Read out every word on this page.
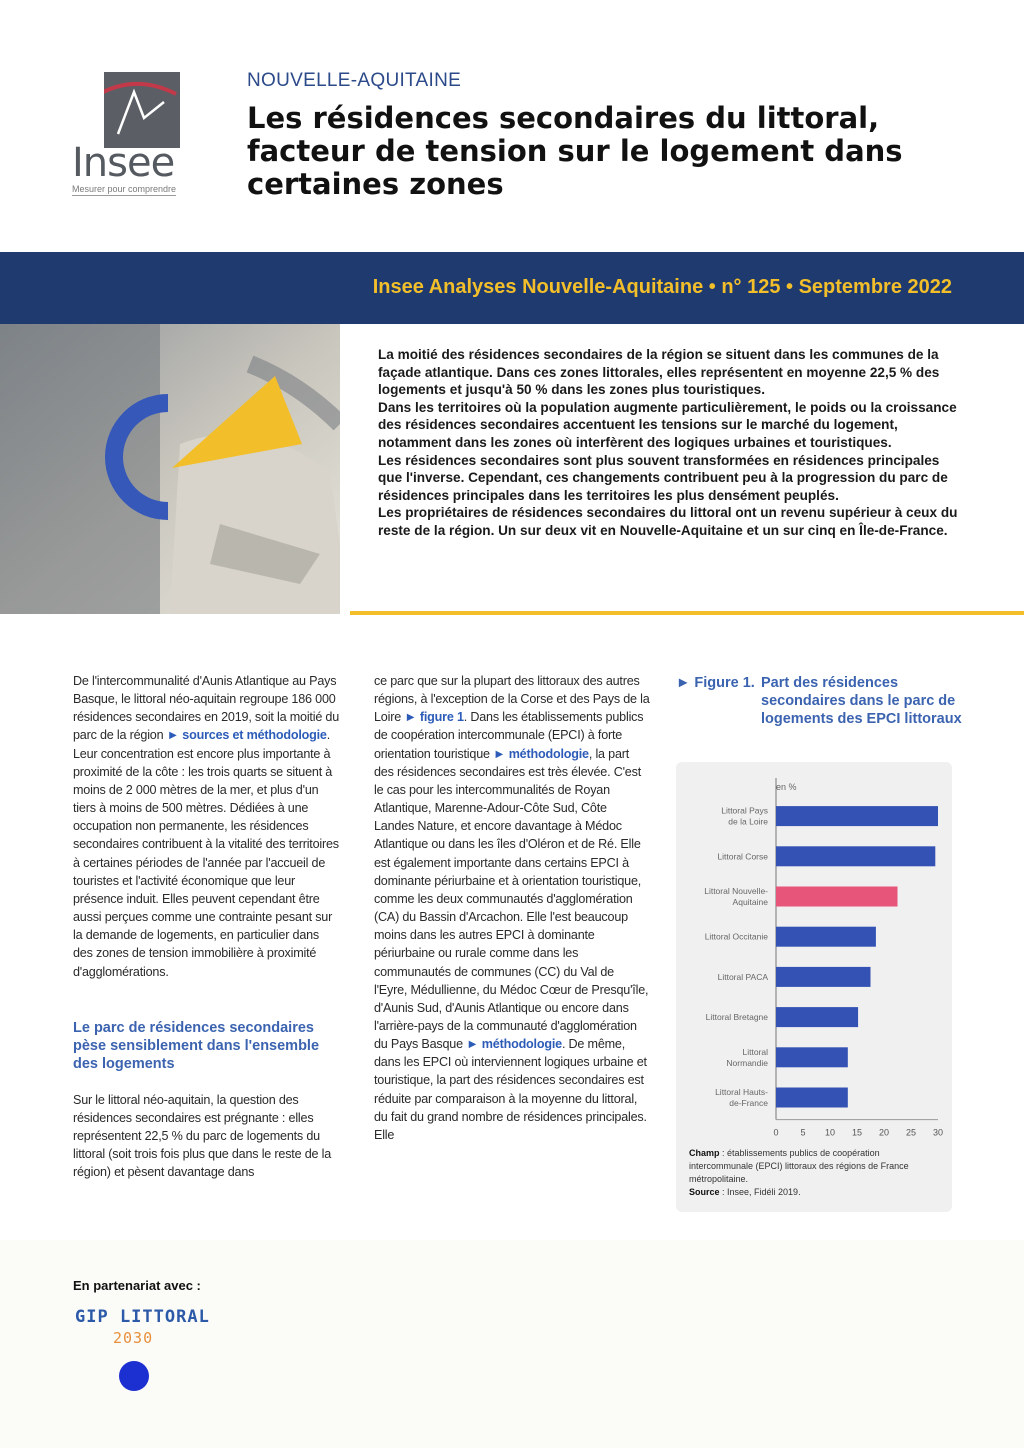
Insee
Mesurer pour comprendre
NOUVELLE-AQUITAINE
Les résidences secondaires du littoral, facteur de tension sur le logement dans certaines zones
Insee Analyses Nouvelle-Aquitaine • n° 125 • Septembre 2022

La moitié des résidences secondaires de la région se situent dans les communes de la façade atlantique. Dans ces zones littorales, elles représentent en moyenne 22,5 % des logements et jusqu'à 50 % dans les zones plus touristiques.

Dans les territoires où la population augmente particulièrement, le poids ou la croissance des résidences secondaires accentuent les tensions sur le marché du logement, notamment dans les zones où interfèrent des logiques urbaines et touristiques.

Les résidences secondaires sont plus souvent transformées en résidences principales que l'inverse. Cependant, ces changements contribuent peu à la progression du parc de résidences principales dans les territoires les plus densément peuplés.

Les propriétaires de résidences secondaires du littoral ont un revenu supérieur à ceux du reste de la région. Un sur deux vit en Nouvelle-Aquitaine et un sur cinq en Île-de-France.

De l'intercommunalité d'Aunis Atlantique au Pays Basque, le littoral néo-aquitain regroupe 186 000 résidences secondaires en 2019, soit la moitié du parc de la région ► sources et méthodologie. Leur concentration est encore plus importante à proximité de la côte : les trois quarts se situent à moins de 2 000 mètres de la mer, et plus d'un tiers à moins de 500 mètres. Dédiées à une occupation non permanente, les résidences secondaires contribuent à la vitalité des territoires à certaines périodes de l'année par l'accueil de touristes et l'activité économique que leur présence induit. Elles peuvent cependant être aussi perçues comme une contrainte pesant sur la demande de logements, en particulier dans des zones de tension immobilière à proximité d'agglomérations.

Le parc de résidences secondaires pèse sensiblement dans l'ensemble des logements

Sur le littoral néo-aquitain, la question des résidences secondaires est prégnante : elles représentent 22,5 % du parc de logements du littoral (soit trois fois plus que dans le reste de la région) et pèsent davantage dans

ce parc que sur la plupart des littoraux des autres régions, à l'exception de la Corse et des Pays de la Loire ► figure 1. Dans les établissements publics de coopération intercommunale (EPCI) à forte orientation touristique ► méthodologie, la part des résidences secondaires est très élevée. C'est le cas pour les intercommunalités de Royan Atlantique, Marenne-Adour-Côte Sud, Côte Landes Nature, et encore davantage à Médoc Atlantique ou dans les îles d'Oléron et de Ré. Elle est également importante dans certains EPCI à dominante périurbaine et à orientation touristique, comme les deux communautés d'agglomération (CA) du Bassin d'Arcachon. Elle l'est beaucoup moins dans les autres EPCI à dominante périurbaine ou rurale comme dans les communautés de communes (CC) du Val de l'Eyre, Médullienne, du Médoc Cœur de Presqu'île, d'Aunis Sud, d'Aunis Atlantique ou encore dans l'arrière-pays de la communauté d'agglomération du Pays Basque ► méthodologie. De même, dans les EPCI où interviennent logiques urbaine et touristique, la part des résidences secondaires est réduite par comparaison à la moyenne du littoral, du fait du grand nombre de résidences principales. Elle

► Figure 1. Part des résidences secondaires dans le parc de logements des EPCI littoraux
en %
Littoral Pays
de la Loire
Littoral Corse
Littoral Nouvelle-
Aquitaine
Littoral Occitanie
Littoral PACA
Littoral Bretagne
Littoral
Normandie
Littoral Hauts-
de-France
0 5 10 15 20 25 30

Champ : établissements publics de coopération intercommunale (EPCI) littoraux des régions de France métropolitaine.

Source : Insee, Fidéli 2019.

En partenariat avec :
GIP LITTORAL
2030
